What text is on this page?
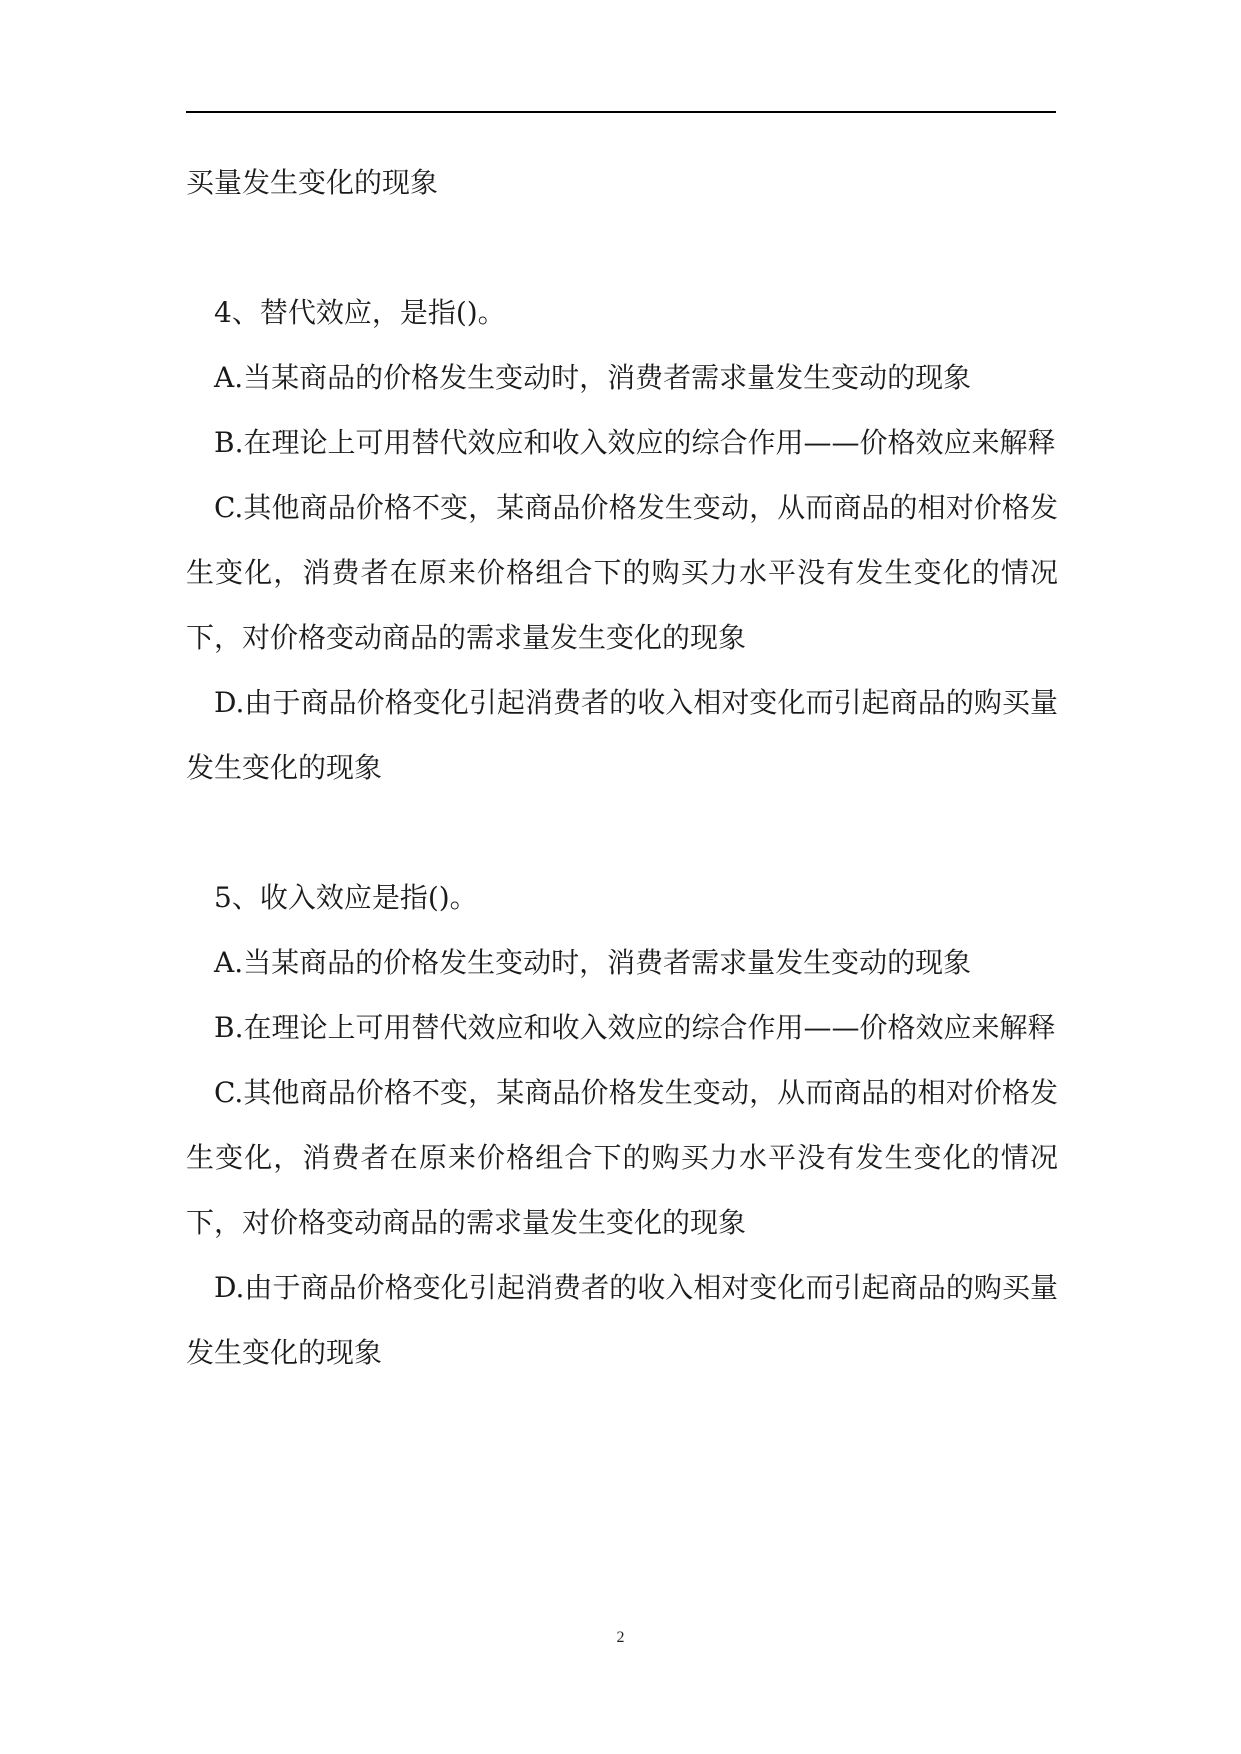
买量发生变化的现象

4、替代效应，是指()。

A.当某商品的价格发生变动时，消费者需求量发生变动的现象

B.在理论上可用替代效应和收入效应的综合作用——价格效应来解释

C.其他商品价格不变，某商品价格发生变动，从而商品的相对价格发生变化，消费者在原来价格组合下的购买力水平没有发生变化的情况下，对价格变动商品的需求量发生变化的现象

D.由于商品价格变化引起消费者的收入相对变化而引起商品的购买量发生变化的现象

5、收入效应是指()。

A.当某商品的价格发生变动时，消费者需求量发生变动的现象

B.在理论上可用替代效应和收入效应的综合作用——价格效应来解释

C.其他商品价格不变，某商品价格发生变动，从而商品的相对价格发生变化，消费者在原来价格组合下的购买力水平没有发生变化的情况下，对价格变动商品的需求量发生变化的现象

D.由于商品价格变化引起消费者的收入相对变化而引起商品的购买量发生变化的现象

2
